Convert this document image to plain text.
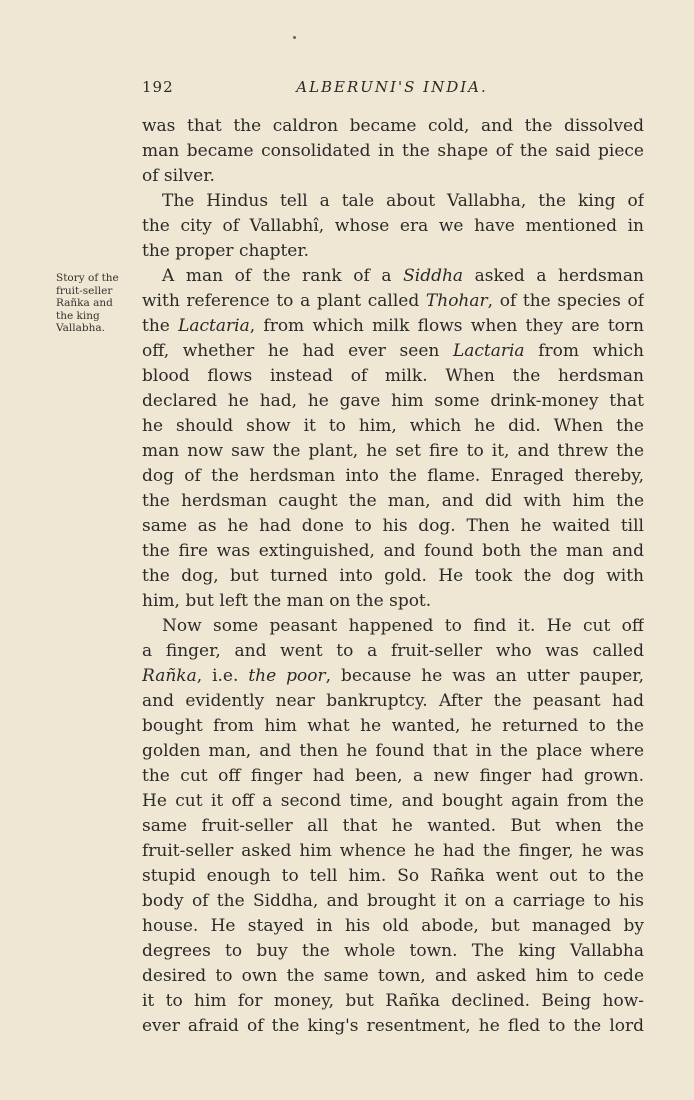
192	ALBERUNI'S INDIA.
Story of the
fruit-seller
Rañka and
the king
Vallabha.
was that the caldron became cold, and the dissolved
man became consolidated in the shape of the said piece
of silver.
The Hindus tell a tale about Vallabha, the king of
the city of Vallabhî, whose era we have mentioned in
the proper chapter.
A man of the rank of a Siddha asked a herdsman
with reference to a plant called Thohar, of the species of
the Lactaria, from which milk flows when they are torn
off, whether he had ever seen Lactaria from which
blood flows instead of milk. When the herdsman
declared he had, he gave him some drink-money that
he should show it to him, which he did. When the
man now saw the plant, he set fire to it, and threw the
dog of the herdsman into the flame. Enraged thereby,
the herdsman caught the man, and did with him the
same as he had done to his dog. Then he waited till
the fire was extinguished, and found both the man and
the dog, but turned into gold. He took the dog with
him, but left the man on the spot.
Now some peasant happened to find it. He cut off
a finger, and went to a fruit-seller who was called
Rañka, i.e. the poor, because he was an utter pauper,
and evidently near bankruptcy. After the peasant had
bought from him what he wanted, he returned to the
golden man, and then he found that in the place where
the cut off finger had been, a new finger had grown.
He cut it off a second time, and bought again from the
same fruit-seller all that he wanted. But when the
fruit-seller asked him whence he had the finger, he was
stupid enough to tell him. So Rañka went out to the
body of the Siddha, and brought it on a carriage to his
house. He stayed in his old abode, but managed by
degrees to buy the whole town. The king Vallabha
desired to own the same town, and asked him to cede
it to him for money, but Rañka declined. Being how-
ever afraid of the king's resentment, he fled to the lord
